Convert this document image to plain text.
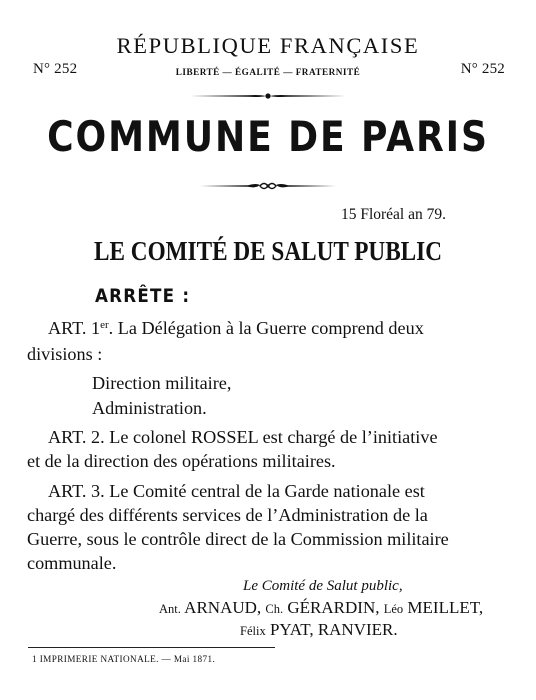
N° 252
RÉPUBLIQUE FRANÇAISE
N° 252
LIBERTÉ — ÉGALITÉ — FRATERNITÉ
COMMUNE DE PARIS
15 Floréal an 79.
LE COMITÉ DE SALUT PUBLIC
ARRÊTE :
ART. 1er. La Délégation à la Guerre comprend deux
divisions :
Direction militaire,
Administration.
ART. 2. Le colonel ROSSEL est chargé de l’initiative
et de la direction des opérations militaires.
ART. 3. Le Comité central de la Garde nationale est
chargé des différents services de l’Administration de la
Guerre, sous le contrôle direct de la Commission militaire
communale.
Le Comité de Salut public,
Ant. ARNAUD, Ch. GÉRARDIN, Léo MEILLET,
Félix PYAT, RANVIER.
1 IMPRIMERIE NATIONALE. — Mai 1871.
